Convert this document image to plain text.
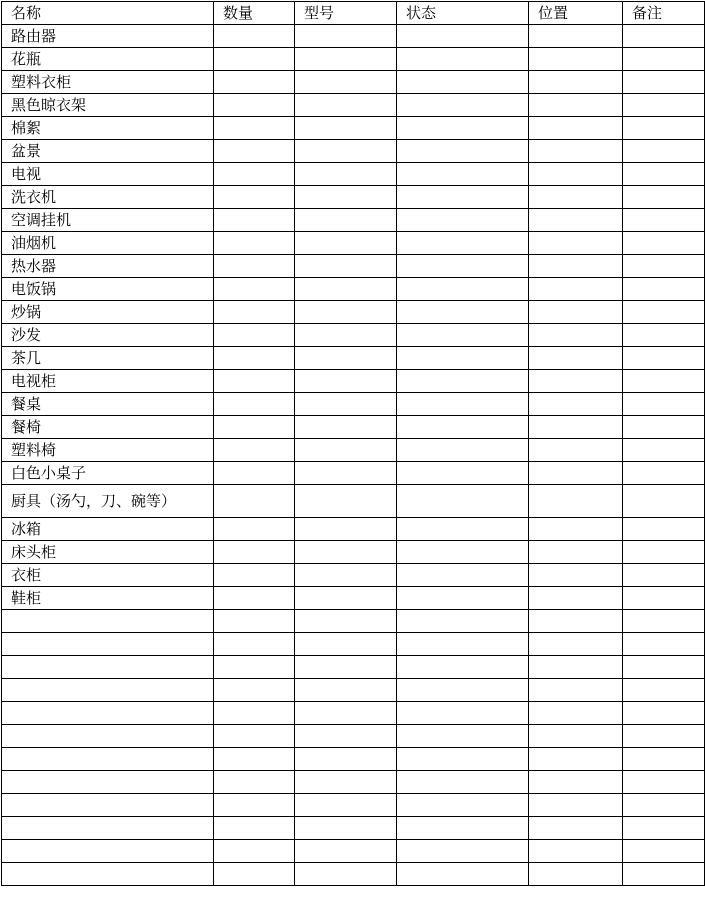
名称	数量	型号	状态	位置	备注
路由器					
花瓶					
塑料衣柜					
黑色晾衣架					
棉絮					
盆景					
电视					
洗衣机					
空调挂机					
油烟机					
热水器					
电饭锅					
炒锅					
沙发					
茶几					
电视柜					
餐桌					
餐椅					
塑料椅					
白色小桌子					
厨具（汤勺，刀、碗等）					
冰箱					
床头柜					
衣柜					
鞋柜					
